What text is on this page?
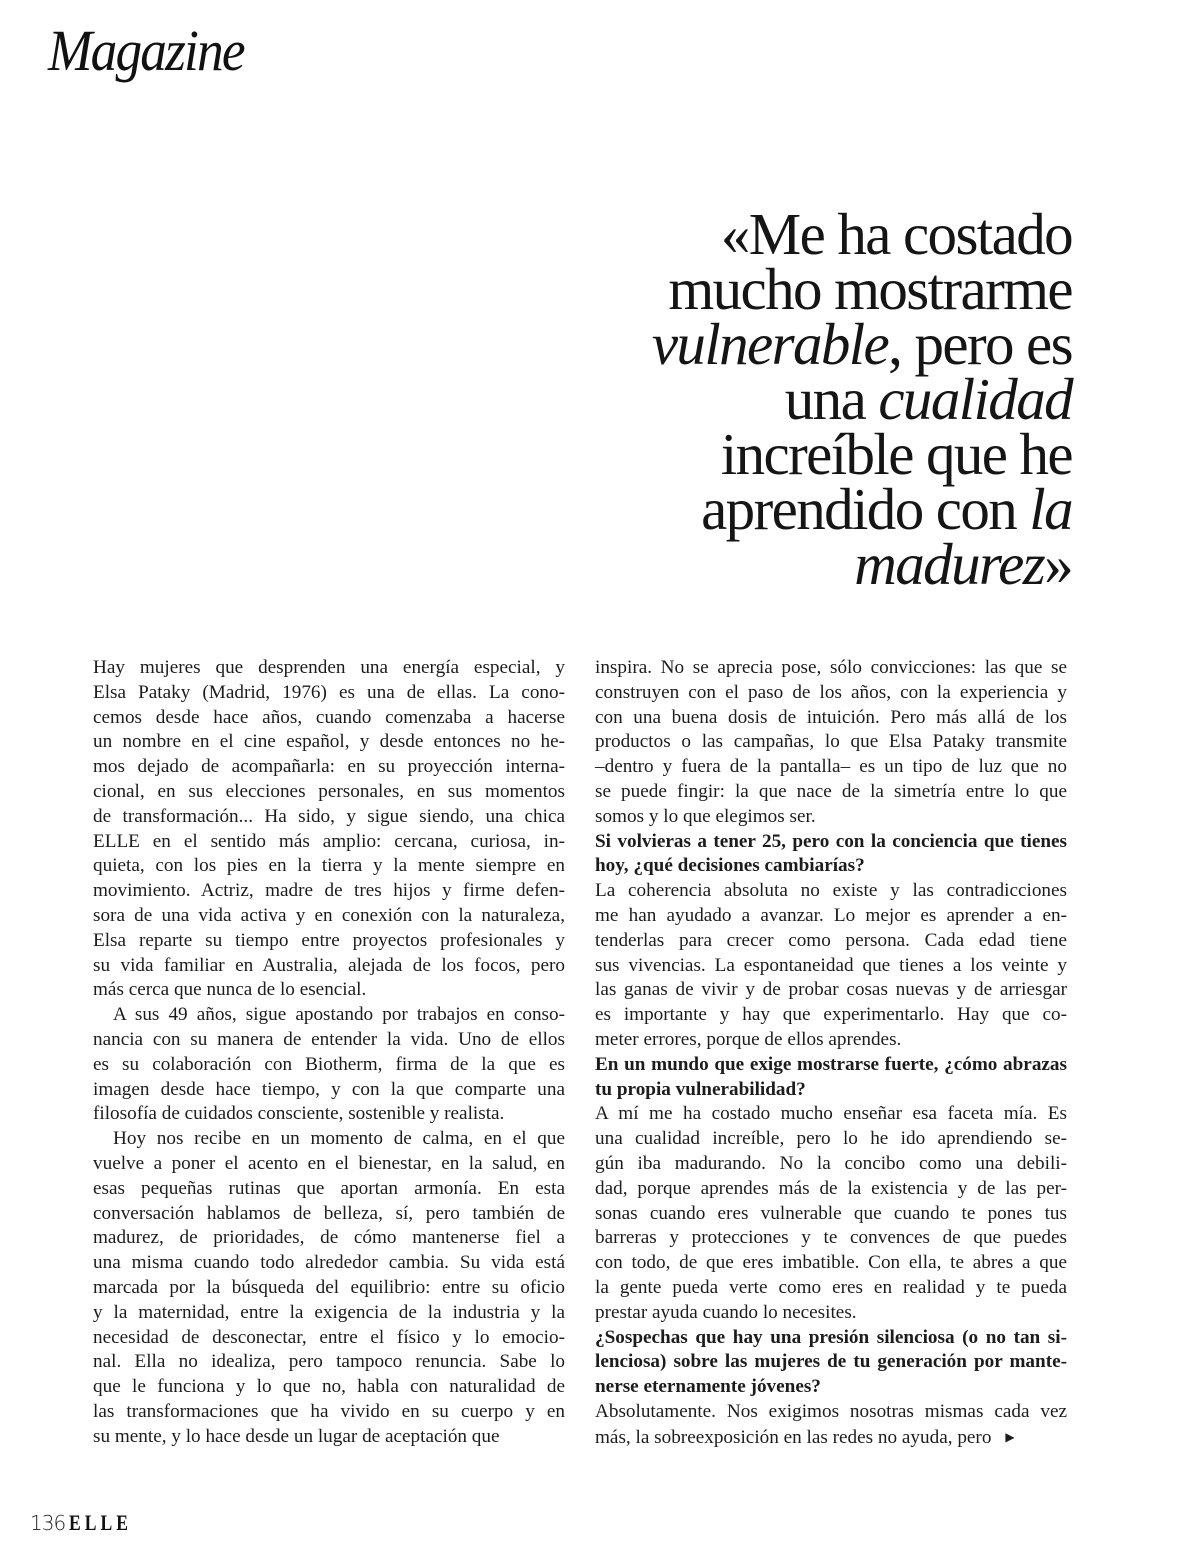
Magazine
«Me ha costado
mucho mostrarme
vulnerable, pero es
una cualidad
increíble que he
aprendido con la
madurez»
Hay mujeres que desprenden una energía especial, y
Elsa Pataky (Madrid, 1976) es una de ellas. La cono-
cemos desde hace años, cuando comenzaba a hacerse
un nombre en el cine español, y desde entonces no he-
mos dejado de acompañarla: en su proyección interna-
cional, en sus elecciones personales, en sus momentos
de transformación... Ha sido, y sigue siendo, una chica
ELLE en el sentido más amplio: cercana, curiosa, in-
quieta, con los pies en la tierra y la mente siempre en
movimiento. Actriz, madre de tres hijos y firme defen-
sora de una vida activa y en conexión con la naturaleza,
Elsa reparte su tiempo entre proyectos profesionales y
su vida familiar en Australia, alejada de los focos, pero
más cerca que nunca de lo esencial.
A sus 49 años, sigue apostando por trabajos en conso-
nancia con su manera de entender la vida. Uno de ellos
es su colaboración con Biotherm, firma de la que es
imagen desde hace tiempo, y con la que comparte una
filosofía de cuidados consciente, sostenible y realista.
Hoy nos recibe en un momento de calma, en el que
vuelve a poner el acento en el bienestar, en la salud, en
esas pequeñas rutinas que aportan armonía. En esta
conversación hablamos de belleza, sí, pero también de
madurez, de prioridades, de cómo mantenerse fiel a
una misma cuando todo alrededor cambia. Su vida está
marcada por la búsqueda del equilibrio: entre su oficio
y la maternidad, entre la exigencia de la industria y la
necesidad de desconectar, entre el físico y lo emocio-
nal. Ella no idealiza, pero tampoco renuncia. Sabe lo
que le funciona y lo que no, habla con naturalidad de
las transformaciones que ha vivido en su cuerpo y en
su mente, y lo hace desde un lugar de aceptación que
inspira. No se aprecia pose, sólo convicciones: las que se
construyen con el paso de los años, con la experiencia y
con una buena dosis de intuición. Pero más allá de los
productos o las campañas, lo que Elsa Pataky transmite
–dentro y fuera de la pantalla– es un tipo de luz que no
se puede fingir: la que nace de la simetría entre lo que
somos y lo que elegimos ser.
Si volvieras a tener 25, pero con la conciencia que tienes
hoy, ¿qué decisiones cambiarías?
La coherencia absoluta no existe y las contradicciones
me han ayudado a avanzar. Lo mejor es aprender a en-
tenderlas para crecer como persona. Cada edad tiene
sus vivencias. La espontaneidad que tienes a los veinte y
las ganas de vivir y de probar cosas nuevas y de arriesgar
es importante y hay que experimentarlo. Hay que co-
meter errores, porque de ellos aprendes.
En un mundo que exige mostrarse fuerte, ¿cómo abrazas
tu propia vulnerabilidad?
A mí me ha costado mucho enseñar esa faceta mía. Es
una cualidad increíble, pero lo he ido aprendiendo se-
gún iba madurando. No la concibo como una debili-
dad, porque aprendes más de la existencia y de las per-
sonas cuando eres vulnerable que cuando te pones tus
barreras y protecciones y te convences de que puedes
con todo, de que eres imbatible. Con ella, te abres a que
la gente pueda verte como eres en realidad y te pueda
prestar ayuda cuando lo necesites.
¿Sospechas que hay una presión silenciosa (o no tan si-
lenciosa) sobre las mujeres de tu generación por mante-
nerse eternamente jóvenes?
Absolutamente. Nos exigimos nosotras mismas cada vez
más, la sobreexposición en las redes no ayuda, pero ▶
136 ELLE
